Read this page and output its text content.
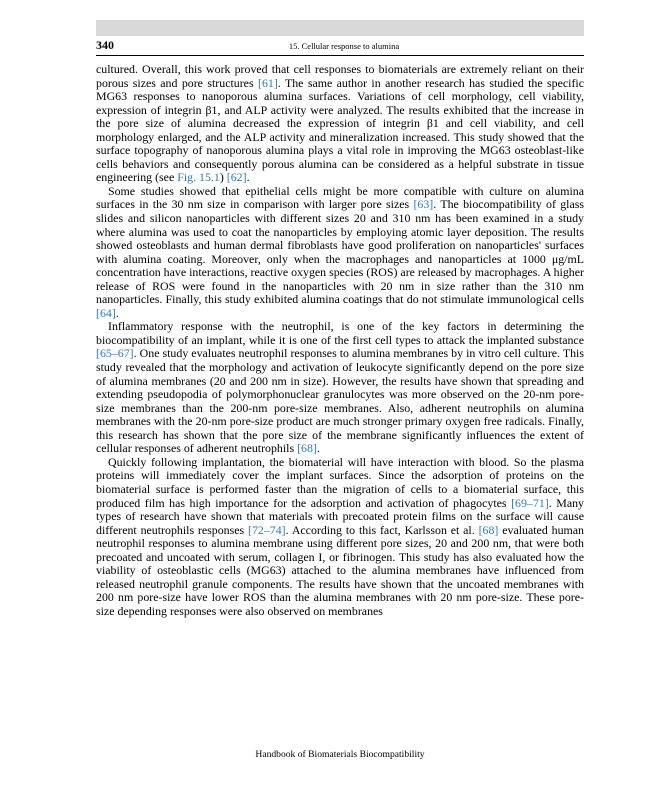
340	15. Cellular response to alumina

cultured. Overall, this work proved that cell responses to biomaterials are extremely reliant on their porous sizes and pore structures [61]. The same author in another research has studied the specific MG63 responses to nanoporous alumina surfaces. Variations of cell morphology, cell viability, expression of integrin β1, and ALP activity were analyzed. The results exhibited that the increase in the pore size of alumina decreased the expression of integrin β1 and cell viability, and cell morphology enlarged, and the ALP activity and mineralization increased. This study showed that the surface topography of nanoporous alumina plays a vital role in improving the MG63 osteoblast-like cells behaviors and consequently porous alumina can be considered as a helpful substrate in tissue engineering (see Fig. 15.1) [62].

Some studies showed that epithelial cells might be more compatible with culture on alumina surfaces in the 30 nm size in comparison with larger pore sizes [63]. The biocompatibility of glass slides and silicon nanoparticles with different sizes 20 and 310 nm has been examined in a study where alumina was used to coat the nanoparticles by employing atomic layer deposition. The results showed osteoblasts and human dermal fibroblasts have good proliferation on nanoparticles' surfaces with alumina coating. Moreover, only when the macrophages and nanoparticles at 1000 μg/mL concentration have interactions, reactive oxygen species (ROS) are released by macrophages. A higher release of ROS were found in the nanoparticles with 20 nm in size rather than the 310 nm nanoparticles. Finally, this study exhibited alumina coatings that do not stimulate immunological cells [64].

Inflammatory response with the neutrophil, is one of the key factors in determining the biocompatibility of an implant, while it is one of the first cell types to attack the implanted substance [65–67]. One study evaluates neutrophil responses to alumina membranes by in vitro cell culture. This study revealed that the morphology and activation of leukocyte significantly depend on the pore size of alumina membranes (20 and 200 nm in size). However, the results have shown that spreading and extending pseudopodia of polymorphonuclear granulocytes was more observed on the 20-nm pore-size membranes than the 200-nm pore-size membranes. Also, adherent neutrophils on alumina membranes with the 20-nm pore-size product are much stronger primary oxygen free radicals. Finally, this research has shown that the pore size of the membrane significantly influences the extent of cellular responses of adherent neutrophils [68].

Quickly following implantation, the biomaterial will have interaction with blood. So the plasma proteins will immediately cover the implant surfaces. Since the adsorption of proteins on the biomaterial surface is performed faster than the migration of cells to a biomaterial surface, this produced film has high importance for the adsorption and activation of phagocytes [69–71]. Many types of research have shown that materials with precoated protein films on the surface will cause different neutrophils responses [72–74]. According to this fact, Karlsson et al. [68] evaluated human neutrophil responses to alumina membrane using different pore sizes, 20 and 200 nm, that were both precoated and uncoated with serum, collagen I, or fibrinogen. This study has also evaluated how the viability of osteoblastic cells (MG63) attached to the alumina membranes have influenced from released neutrophil granule components. The results have shown that the uncoated membranes with 200 nm pore-size have lower ROS than the alumina membranes with 20 nm pore-size. These pore-size depending responses were also observed on membranes

Handbook of Biomaterials Biocompatibility
